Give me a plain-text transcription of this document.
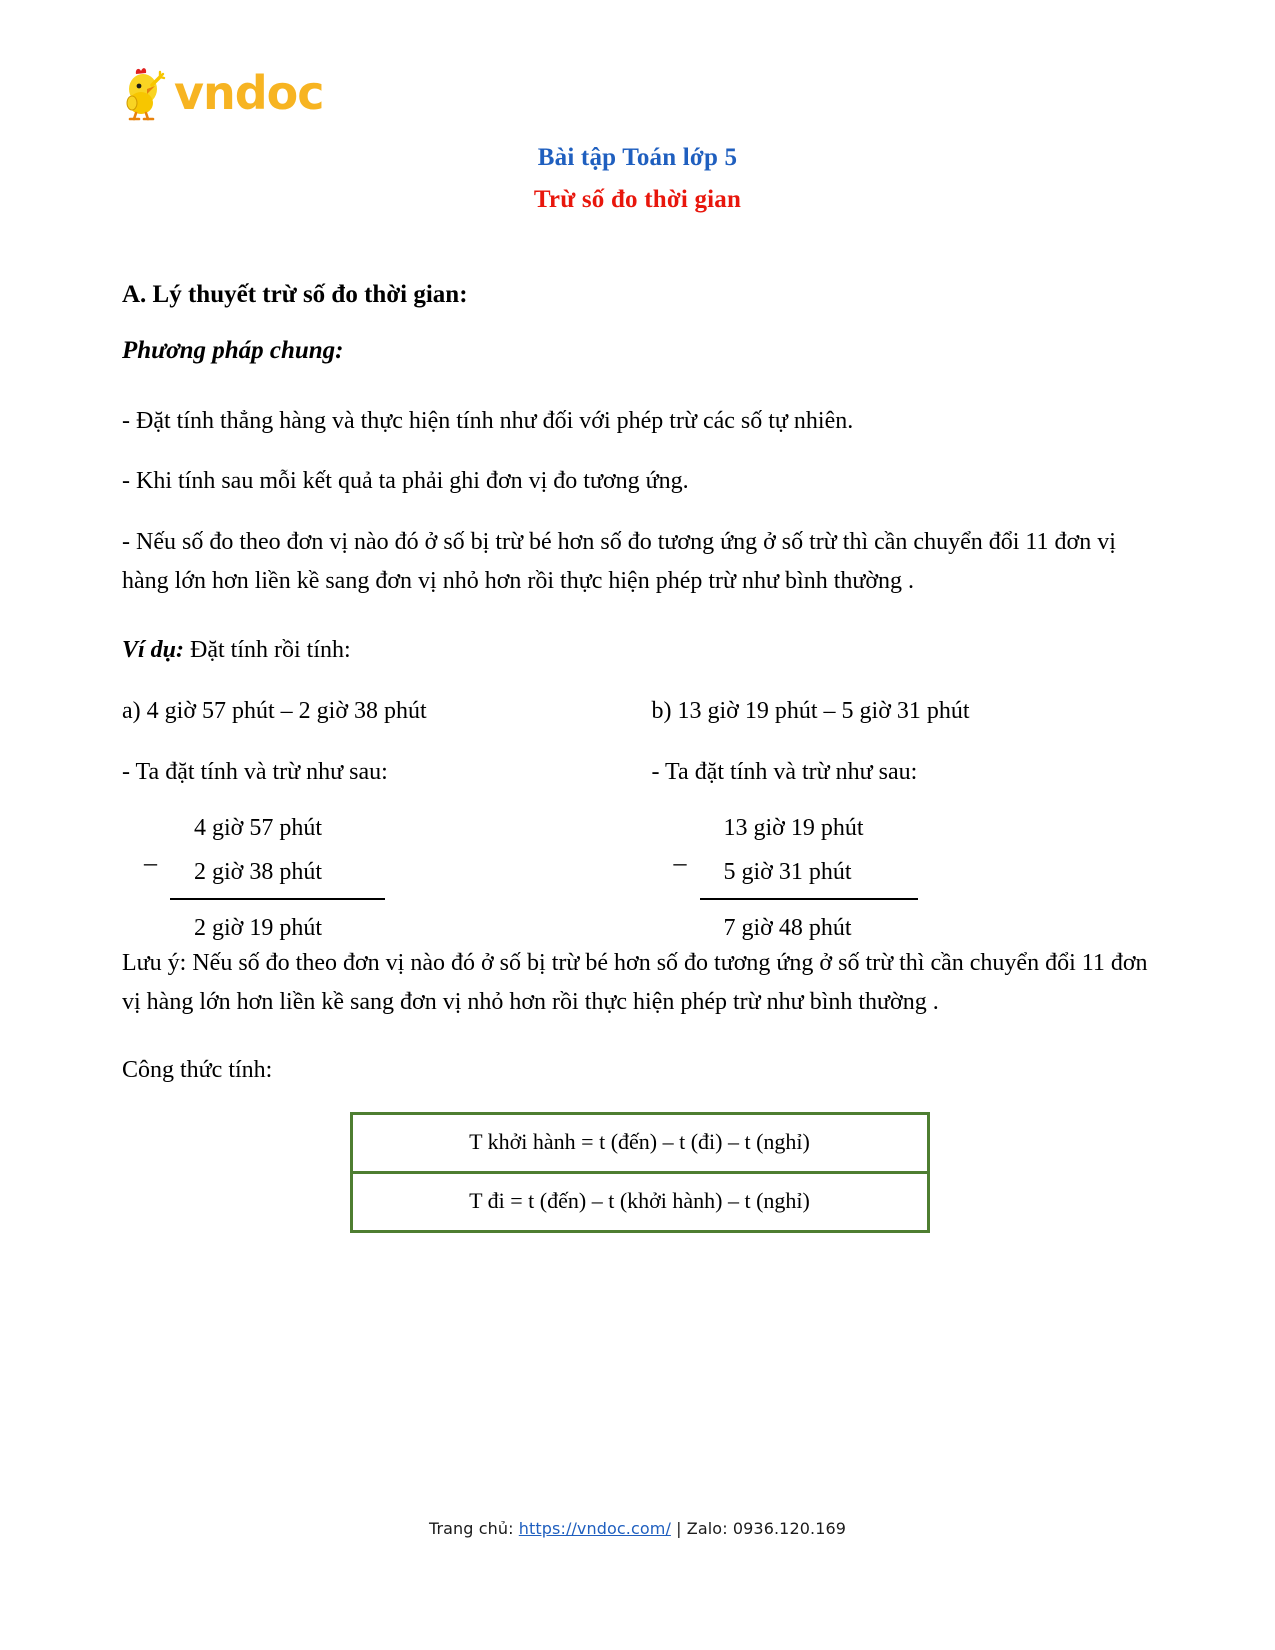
vndoc
Bài tập Toán lớp 5
Trừ số đo thời gian
A. Lý thuyết trừ số đo thời gian:
Phương pháp chung:

- Đặt tính thẳng hàng và thực hiện tính như đối với phép trừ các số tự nhiên.

- Khi tính sau mỗi kết quả ta phải ghi đơn vị đo tương ứng.

- Nếu số đo theo đơn vị nào đó ở số bị trừ bé hơn số đo tương ứng ở số trừ thì cần chuyển đổi 11 đơn vị hàng lớn hơn liền kề sang đơn vị nhỏ hơn rồi thực hiện phép trừ như bình thường .

Ví dụ: Đặt tính rồi tính:

a) 4 giờ 57 phút – 2 giờ 38 phút
- Ta đặt tính và trừ như sau:
–
4 giờ 57 phút
2 giờ 38 phút
2 giờ 19 phút
b) 13 giờ 19 phút – 5 giờ 31 phút
- Ta đặt tính và trừ như sau:
–
13 giờ 19 phút
5 giờ 31 phút
7 giờ 48 phút

Lưu ý: Nếu số đo theo đơn vị nào đó ở số bị trừ bé hơn số đo tương ứng ở số trừ thì cần chuyển đổi 11 đơn vị hàng lớn hơn liền kề sang đơn vị nhỏ hơn rồi thực hiện phép trừ như bình thường .

Công thức tính:

T khởi hành = t (đến) – t (đi) – t (nghỉ)
T đi = t (đến) – t (khởi hành) – t (nghỉ)
Trang chủ: https://vndoc.com/ | Zalo: 0936.120.169
